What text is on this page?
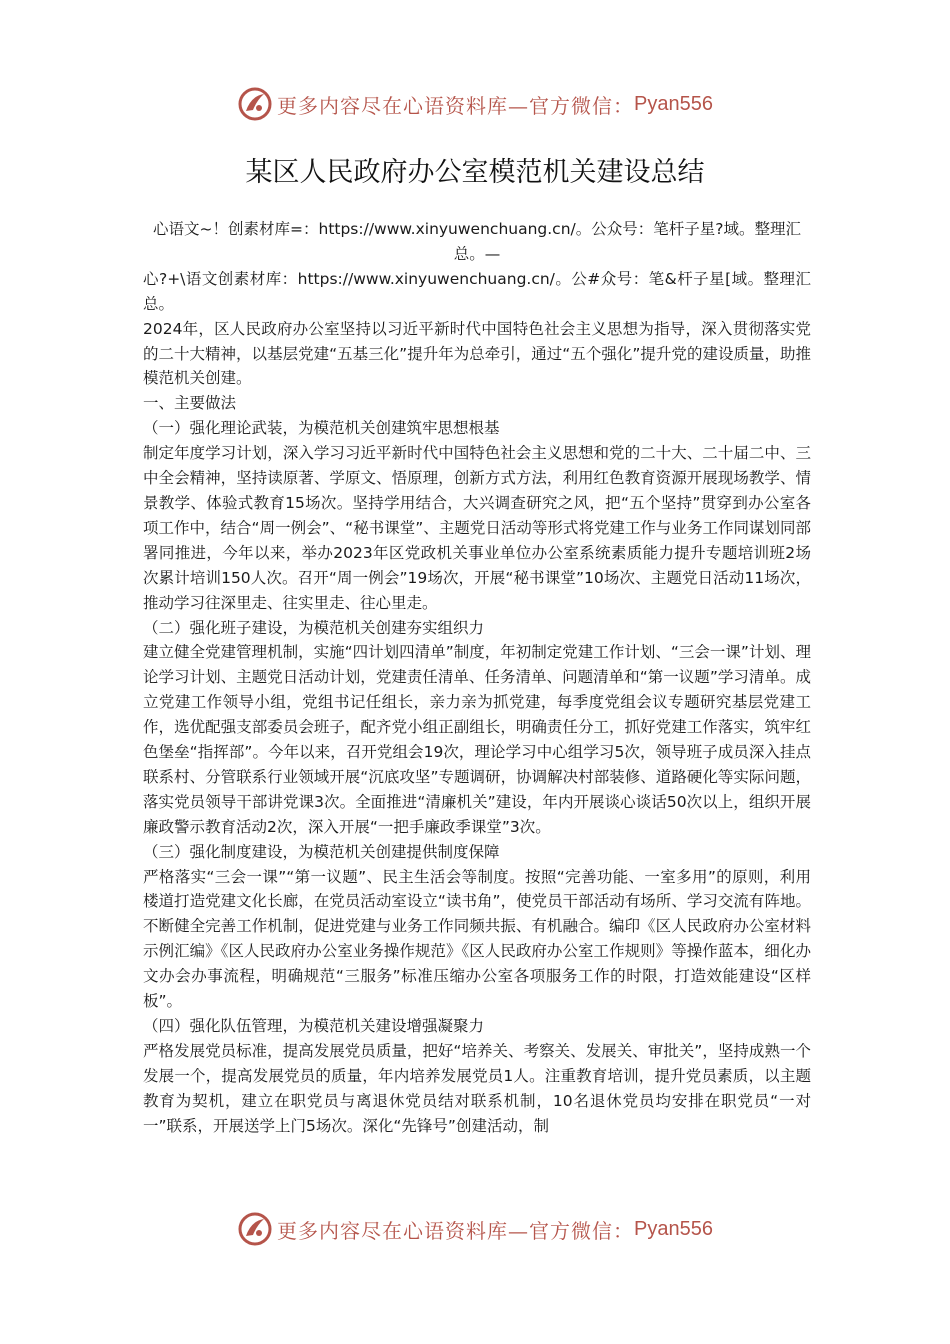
更多内容尽在心语资料库—官方微信： Pyan556
某区人民政府办公室模范机关建设总结

心语文~！创素材库=：https://www.xinyuwenchuang.cn/。公众号：笔杆子星?域。整理汇总。—

心?+\语文创素材库：https://www.xinyuwenchuang.cn/。公#众号：笔&杆子星[域。整理汇总。

2024年，区人民政府办公室坚持以习近平新时代中国特色社会主义思想为指导，深入贯彻落实党的二十大精神，以基层党建“五基三化”提升年为总牵引，通过“五个强化”提升党的建设质量，助推模范机关创建。

一、主要做法

（一）强化理论武装，为模范机关创建筑牢思想根基

制定年度学习计划，深入学习习近平新时代中国特色社会主义思想和党的二十大、二十届二中、三中全会精神，坚持读原著、学原文、悟原理，创新方式方法，利用红色教育资源开展现场教学、情景教学、体验式教育15场次。坚持学用结合，大兴调查研究之风，把“五个坚持”贯穿到办公室各项工作中，结合“周一例会”、“秘书课堂”、主题党日活动等形式将党建工作与业务工作同谋划同部署同推进，今年以来，举办2023年区党政机关事业单位办公室系统素质能力提升专题培训班2场次累计培训150人次。召开“周一例会”19场次，开展“秘书课堂”10场次、主题党日活动11场次，推动学习往深里走、往实里走、往心里走。

（二）强化班子建设，为模范机关创建夯实组织力

建立健全党建管理机制，实施“四计划四清单”制度，年初制定党建工作计划、“三会一课”计划、理论学习计划、主题党日活动计划，党建责任清单、任务清单、问题清单和“第一议题”学习清单。成立党建工作领导小组，党组书记任组长，亲力亲为抓党建，每季度党组会议专题研究基层党建工作，选优配强支部委员会班子，配齐党小组正副组长，明确责任分工，抓好党建工作落实，筑牢红色堡垒“指挥部”。今年以来，召开党组会19次，理论学习中心组学习5次，领导班子成员深入挂点联系村、分管联系行业领域开展“沉底攻坚”专题调研，协调解决村部装修、道路硬化等实际问题，落实党员领导干部讲党课3次。全面推进“清廉机关”建设，年内开展谈心谈话50次以上，组织开展廉政警示教育活动2次，深入开展“一把手廉政季课堂”3次。

（三）强化制度建设，为模范机关创建提供制度保障

严格落实“三会一课”“第一议题”、民主生活会等制度。按照“完善功能、一室多用”的原则，利用楼道打造党建文化长廊，在党员活动室设立“读书角”，使党员干部活动有场所、学习交流有阵地。不断健全完善工作机制，促进党建与业务工作同频共振、有机融合。编印《区人民政府办公室材料示例汇编》《区人民政府办公室业务操作规范》《区人民政府办公室工作规则》等操作蓝本，细化办文办会办事流程，明确规范“三服务”标准压缩办公室各项服务工作的时限，打造效能建设“区样板”。

（四）强化队伍管理，为模范机关建设增强凝聚力

严格发展党员标准，提高发展党员质量，把好“培养关、考察关、发展关、审批关”，坚持成熟一个发展一个，提高发展党员的质量，年内培养发展党员1人。注重教育培训，提升党员素质，以主题教育为契机，建立在职党员与离退休党员结对联系机制，10名退休党员均安排在职党员“一对一”联系，开展送学上门5场次。深化“先锋号”创建活动，制

更多内容尽在心语资料库—官方微信： Pyan556
